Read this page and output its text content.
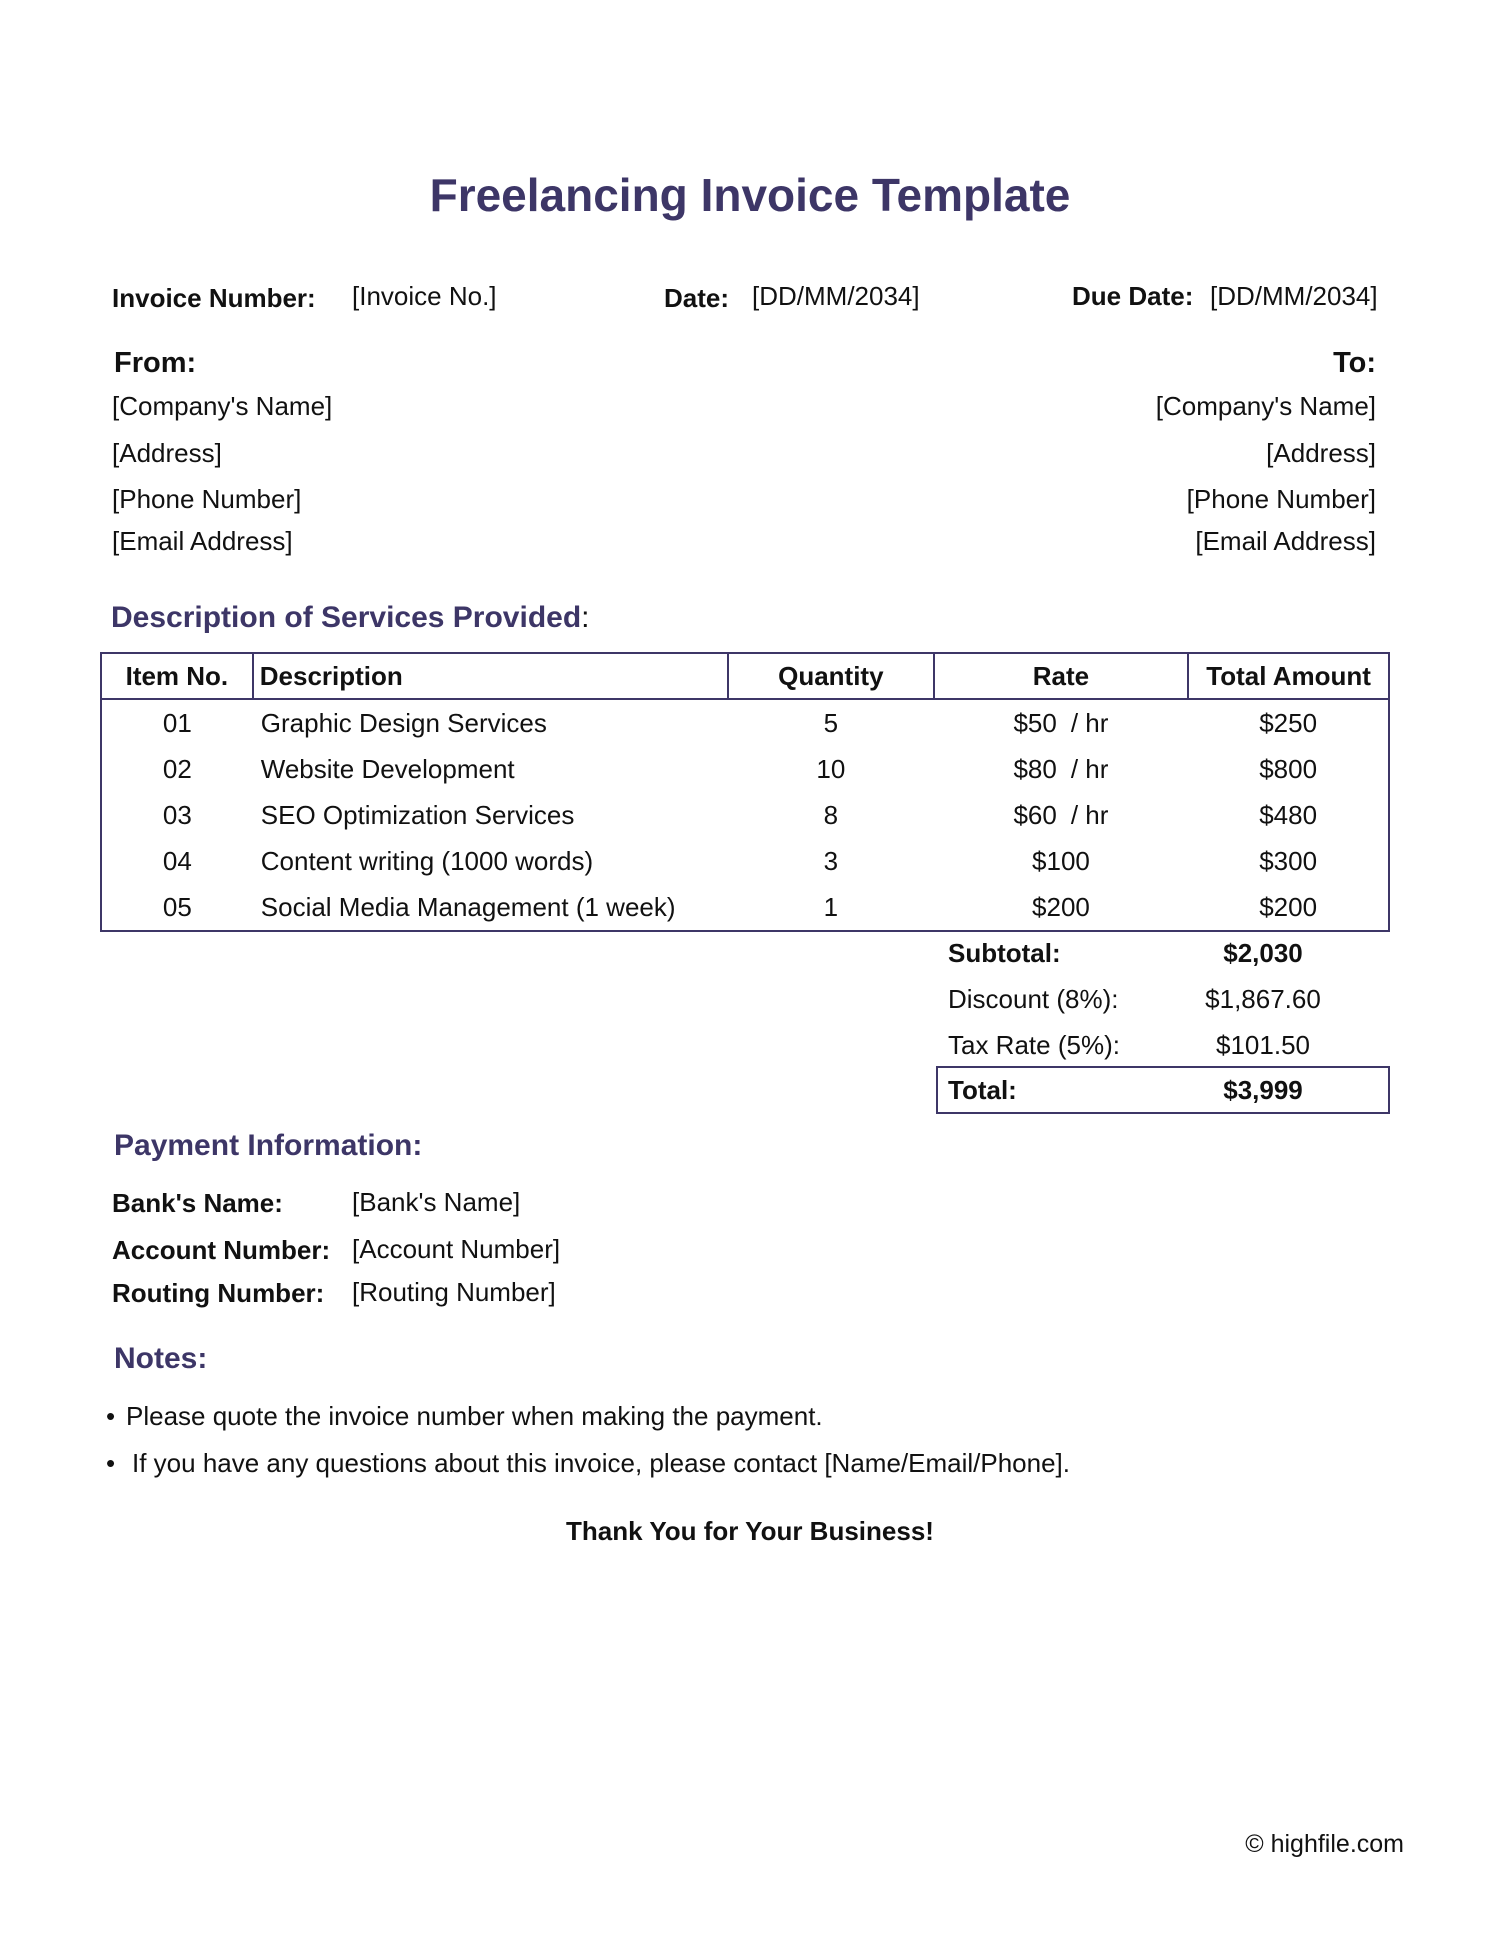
Freelancing Invoice Template
Invoice Number: [Invoice No.]	Date: [DD/MM/2034]	Due Date: [DD/MM/2034]
From:
[Company's Name]
[Address]
[Phone Number]
[Email Address]
To:
[Company's Name]
[Address]
[Phone Number]
[Email Address]
Description of Services Provided:
Item No.	Description	Quantity	Rate	Total Amount
01	Graphic Design Services	5	$50 / hr	$250
02	Website Development	10	$80 / hr	$800
03	SEO Optimization Services	8	$60 / hr	$480
04	Content writing (1000 words)	3	$100	$300
05	Social Media Management (1 week)	1	$200	$200
Subtotal:	$2,030
Discount (8%):	$1,867.60
Tax Rate (5%):	$101.50
Total:	$3,999
Payment Information:
Bank's Name:	[Bank's Name]
Account Number: [Account Number]
Routing Number: [Routing Number]
Notes:
• Please quote the invoice number when making the payment.
• If you have any questions about this invoice, please contact [Name/Email/Phone].
Thank You for Your Business!
© highfile.com
